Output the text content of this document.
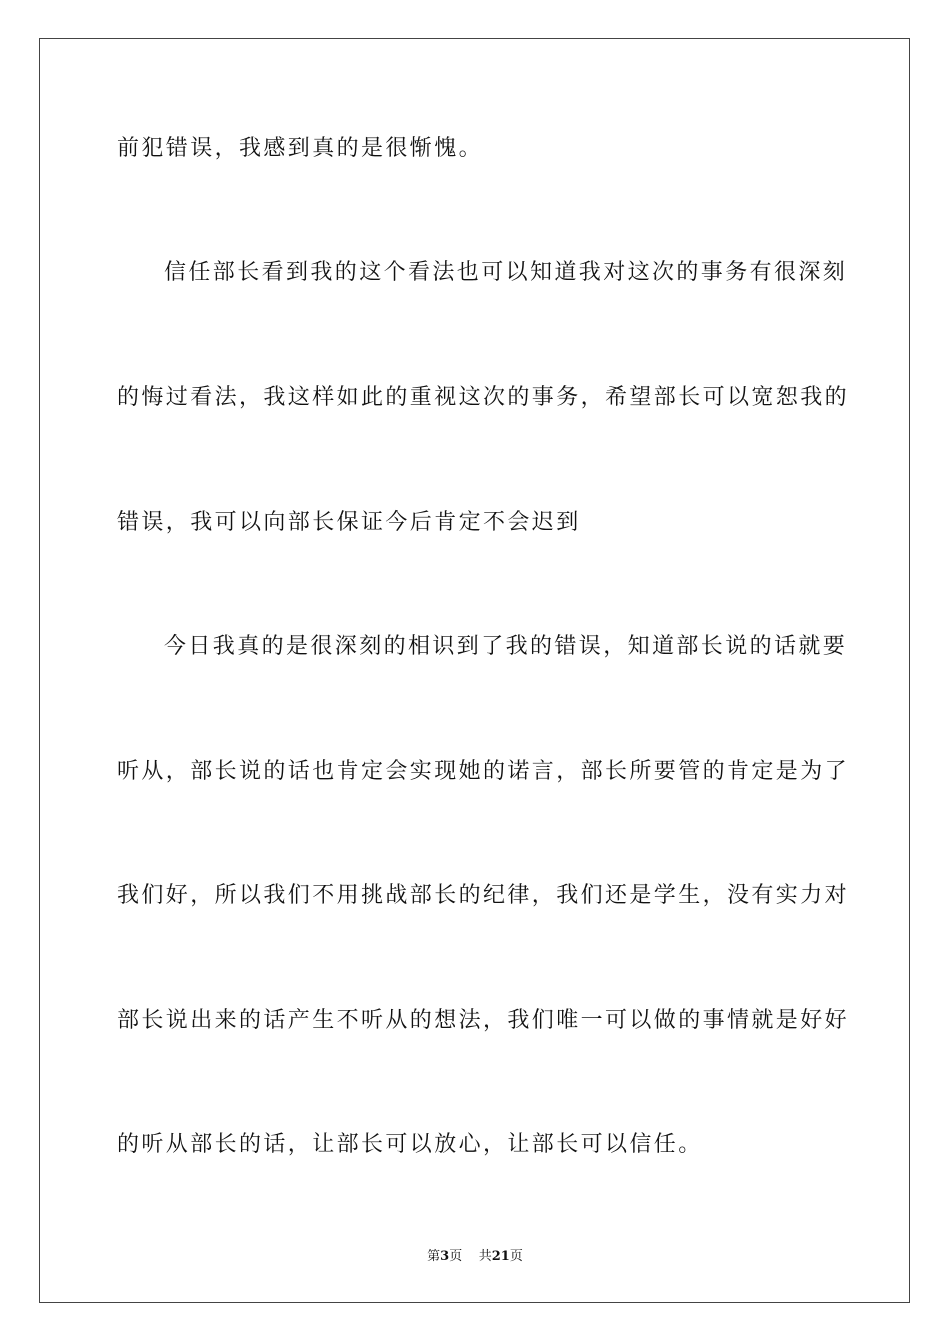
前犯错误，我感到真的是很惭愧。
信任部长看到我的这个看法也可以知道我对这次的事务有很深刻
的悔过看法，我这样如此的重视这次的事务，希望部长可以宽恕我的
错误，我可以向部长保证今后肯定不会迟到
今日我真的是很深刻的相识到了我的错误，知道部长说的话就要
听从，部长说的话也肯定会实现她的诺言，部长所要管的肯定是为了
我们好，所以我们不用挑战部长的纪律，我们还是学生，没有实力对
部长说出来的话产生不听从的想法，我们唯一可以做的事情就是好好
的听从部长的话，让部长可以放心，让部长可以信任。
第3页 共21页
